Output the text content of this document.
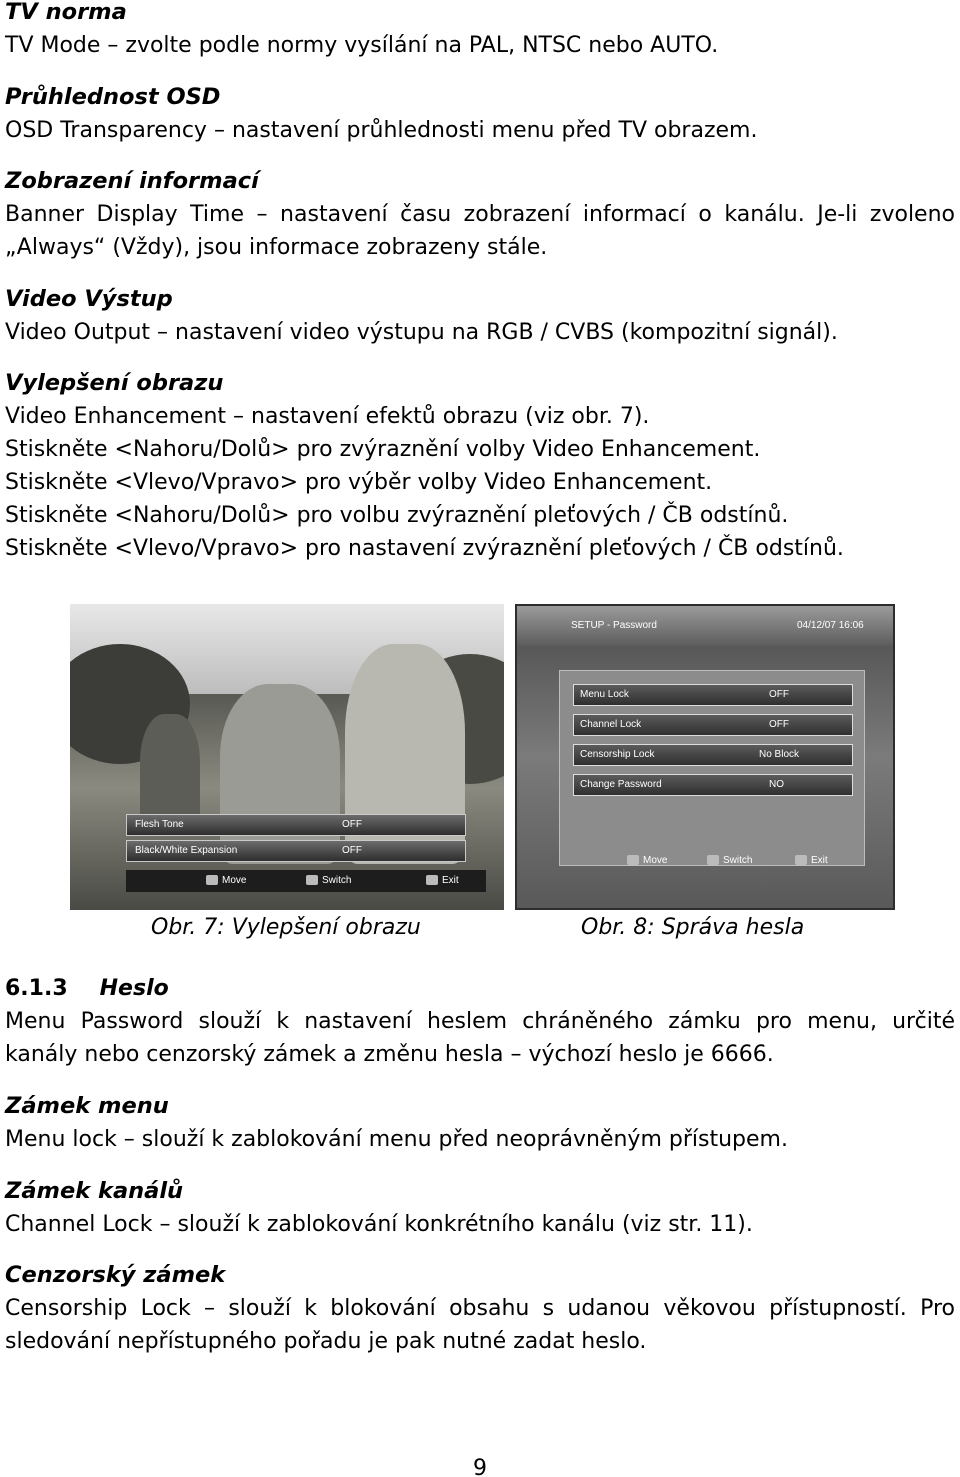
TV norma
TV Mode – zvolte podle normy vysílání na PAL, NTSC nebo AUTO.
Průhlednost OSD
OSD Transparency – nastavení průhlednosti menu před TV obrazem.
Zobrazení informací
Banner Display Time – nastavení času zobrazení informací o kanálu. Je-li zvoleno
„Always“ (Vždy), jsou informace zobrazeny stále.
Video Výstup
Video Output – nastavení video výstupu na RGB / CVBS (kompozitní signál).
Vylepšení obrazu
Video Enhancement – nastavení efektů obrazu (viz obr. 7).
Stiskněte <Nahoru/Dolů> pro zvýraznění volby Video Enhancement.
Stiskněte <Vlevo/Vpravo> pro výběr volby Video Enhancement.
Stiskněte <Nahoru/Dolů> pro volbu zvýraznění pleťových / ČB odstínů.
Stiskněte <Vlevo/Vpravo> pro nastavení zvýraznění pleťových / ČB odstínů.
Flesh Tone	OFF
Black/White Expansion	OFF
Move	Switch	Exit
SETUP - Password	04/12/07 16:06
Menu Lock	OFF
Channel Lock	OFF
Censorship Lock	No Block
Change Password	NO
Move	Switch	Exit
Obr. 7: Vylepšení obrazu	Obr. 8: Správa hesla
6.1.3 Heslo
Menu Password slouží k nastavení heslem chráněného zámku pro menu, určité
kanály nebo cenzorský zámek a změnu hesla – výchozí heslo je 6666.
Zámek menu
Menu lock – slouží k zablokování menu před neoprávněným přístupem.
Zámek kanálů
Channel Lock – slouží k zablokování konkrétního kanálu (viz str. 11).
Cenzorský zámek
Censorship Lock – slouží k blokování obsahu s udanou věkovou přístupností. Pro
sledování nepřístupného pořadu je pak nutné zadat heslo.
9
